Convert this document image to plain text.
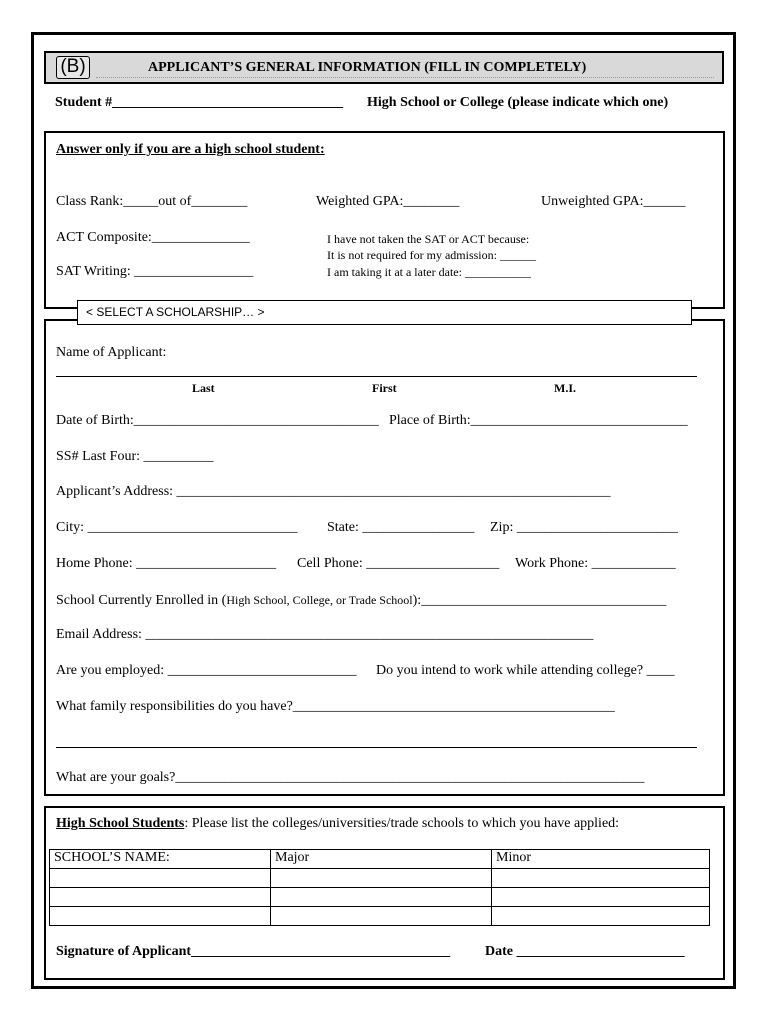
(B)	APPLICANT’S GENERAL INFORMATION (FILL IN COMPLETELY)
Student #_________________________________ High School or College (please indicate which one)
Answer only if you are a high school student:
Class Rank:_____out of________	Weighted GPA:________	Unweighted GPA:______
ACT Composite:______________
SAT Writing: _________________
I have not taken the SAT or ACT because:
It is not required for my admission: ______
I am taking it at a later date: ___________
< SELECT A SCHOLARSHIP… >
Name of Applicant:
Last	First	M.I.
Date of Birth:___________________________________ Place of Birth:_______________________________
SS# Last Four: __________
Applicant’s Address: ______________________________________________________________
City: ______________________________ State: ________________ Zip: _______________________
Home Phone: ____________________ Cell Phone: ___________________ Work Phone: ____________
School Currently Enrolled in (High School, College, or Trade School):___________________________________
Email Address: ________________________________________________________________
Are you employed: ___________________________ Do you intend to work while attending college? ____
What family responsibilities do you have?______________________________________________
What are your goals?___________________________________________________________________
High School Students: Please list the colleges/universities/trade schools to which you have applied:
SCHOOL’S NAME:	Major	Minor

Signature of Applicant_____________________________________ Date ________________________
